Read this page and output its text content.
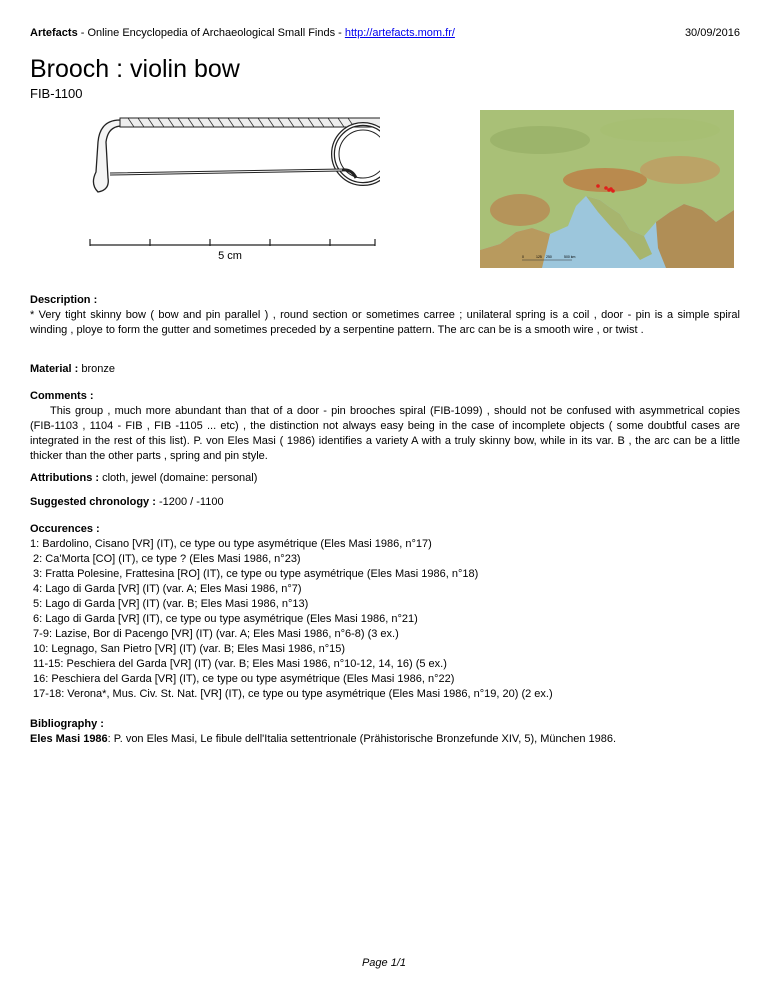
Artefacts - Online Encyclopedia of Archaeological Small Finds - http://artefacts.mom.fr/	30/09/2016
Brooch : violin bow
FIB-1100
5 cm	0	125 250	500 km
Description :
* Very tight skinny bow ( bow and pin parallel ) , round section or sometimes carree ; unilateral spring is a coil , door - pin is a simple spiral winding , ploye to form the gutter and sometimes preceded by a serpentine pattern. The arc can be is a smooth wire , or twist .
Material : bronze
Comments :
This group , much more abundant than that of a door - pin brooches spiral (FIB-1099) , should not be confused with asymmetrical copies (FIB-1103 , 1104 - FIB , FIB -1105 ... etc) , the distinction not always easy being in the case of incomplete objects ( some doubtful cases are integrated in the rest of this list). P. von Eles Masi ( 1986) identifies a variety A with a truly skinny bow, while in its var. B , the arc can be a little thicker than the other parts , spring and pin style.
Attributions : cloth, jewel (domaine: personal)
Suggested chronology : -1200 / -1100
Occurences :
1: Bardolino, Cisano [VR] (IT), ce type ou type asymétrique (Eles Masi 1986, n°17)
2: Ca'Morta [CO] (IT), ce type ? (Eles Masi 1986, n°23)
3: Fratta Polesine, Frattesina [RO] (IT), ce type ou type asymétrique (Eles Masi 1986, n°18)
4: Lago di Garda [VR] (IT) (var. A; Eles Masi 1986, n°7)
5: Lago di Garda [VR] (IT) (var. B; Eles Masi 1986, n°13)
6: Lago di Garda [VR] (IT), ce type ou type asymétrique (Eles Masi 1986, n°21)
7-9: Lazise, Bor di Pacengo [VR] (IT) (var. A; Eles Masi 1986, n°6-8) (3 ex.)
10: Legnago, San Pietro [VR] (IT) (var. B; Eles Masi 1986, n°15)
11-15: Peschiera del Garda [VR] (IT) (var. B; Eles Masi 1986, n°10-12, 14, 16) (5 ex.)
16: Peschiera del Garda [VR] (IT), ce type ou type asymétrique (Eles Masi 1986, n°22)
17-18: Verona*, Mus. Civ. St. Nat. [VR] (IT), ce type ou type asymétrique (Eles Masi 1986, n°19, 20) (2 ex.)
Bibliography :
Eles Masi 1986: P. von Eles Masi, Le fibule dell'Italia settentrionale (Prähistorische Bronzefunde XIV, 5), München 1986.
Page 1/1
